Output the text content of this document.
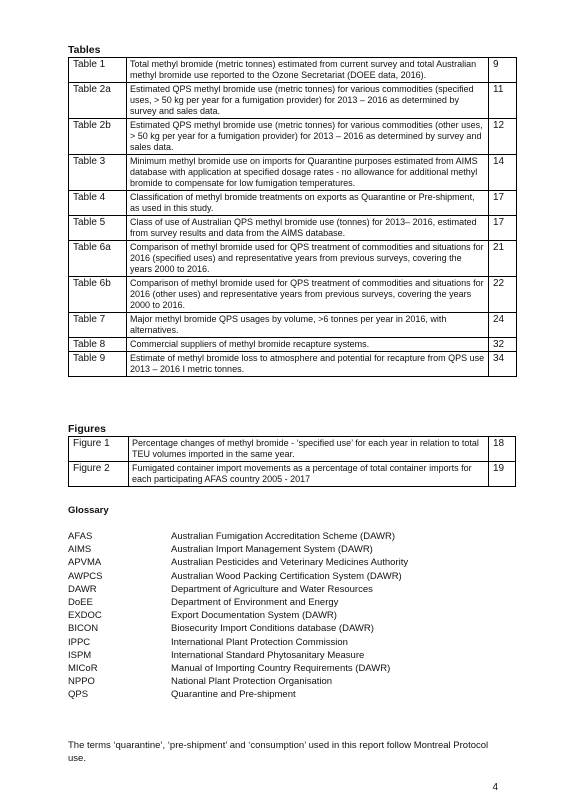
Tables
Table 1	Total methyl bromide (metric tonnes) estimated from current survey and total Australian methyl bromide use reported to the Ozone Secretariat (DOEE data, 2016).	9
Table 2a	Estimated QPS methyl bromide use (metric tonnes) for various commodities (specified uses, > 50 kg per year for a fumigation provider) for 2013 – 2016 as determined by survey and sales data.	11
Table 2b	Estimated QPS methyl bromide use (metric tonnes) for various commodities (other uses, > 50 kg per year for a fumigation provider) for 2013 – 2016 as determined by survey and sales data.	12
Table 3	Minimum methyl bromide use on imports for Quarantine purposes estimated from AIMS database with application at specified dosage rates - no allowance for additional methyl bromide to compensate for low fumigation temperatures.	14
Table 4	Classification of methyl bromide treatments on exports as Quarantine or Pre-shipment, as used in this study.	17
Table 5	Class of use of Australian QPS methyl bromide use (tonnes) for 2013– 2016, estimated from survey results and data from the AIMS database.	17
Table 6a	Comparison of methyl bromide used for QPS treatment of commodities and situations for 2016 (specified uses) and representative years from previous surveys, covering the years 2000 to 2016.	21
Table 6b	Comparison of methyl bromide used for QPS treatment of commodities and situations for 2016 (other uses) and representative years from previous surveys, covering the years 2000 to 2016.	22
Table 7	Major methyl bromide QPS usages by volume, >6 tonnes per year in 2016, with alternatives.	24
Table 8	Commercial suppliers of methyl bromide recapture systems.	32
Table 9	Estimate of methyl bromide loss to atmosphere and potential for recapture from QPS use 2013 – 2016 I metric tonnes.	34
Figures
Figure 1	Percentage changes of methyl bromide - ‘specified use’ for each year in relation to total TEU volumes imported in the same year.	18
Figure 2	Fumigated container import movements as a percentage of total container imports for each participating AFAS country 2005 - 2017	19
Glossary
AFAS	Australian Fumigation Accreditation Scheme (DAWR)
AIMS	Australian Import Management System (DAWR)
APVMA	Australian Pesticides and Veterinary Medicines Authority
AWPCS	Australian Wood Packing Certification System (DAWR)
DAWR	Department of Agriculture and Water Resources
DoEE	Department of Environment and Energy
EXDOC	Export Documentation System (DAWR)
BICON	Biosecurity Import Conditions database (DAWR)
IPPC	International Plant Protection Commission
ISPM	International Standard Phytosanitary Measure
MICoR	Manual of Importing Country Requirements (DAWR)
NPPO	National Plant Protection Organisation
QPS	Quarantine and Pre-shipment
The terms ‘quarantine’, ‘pre-shipment’ and ‘consumption’ used in this report follow Montreal Protocol use.
4
